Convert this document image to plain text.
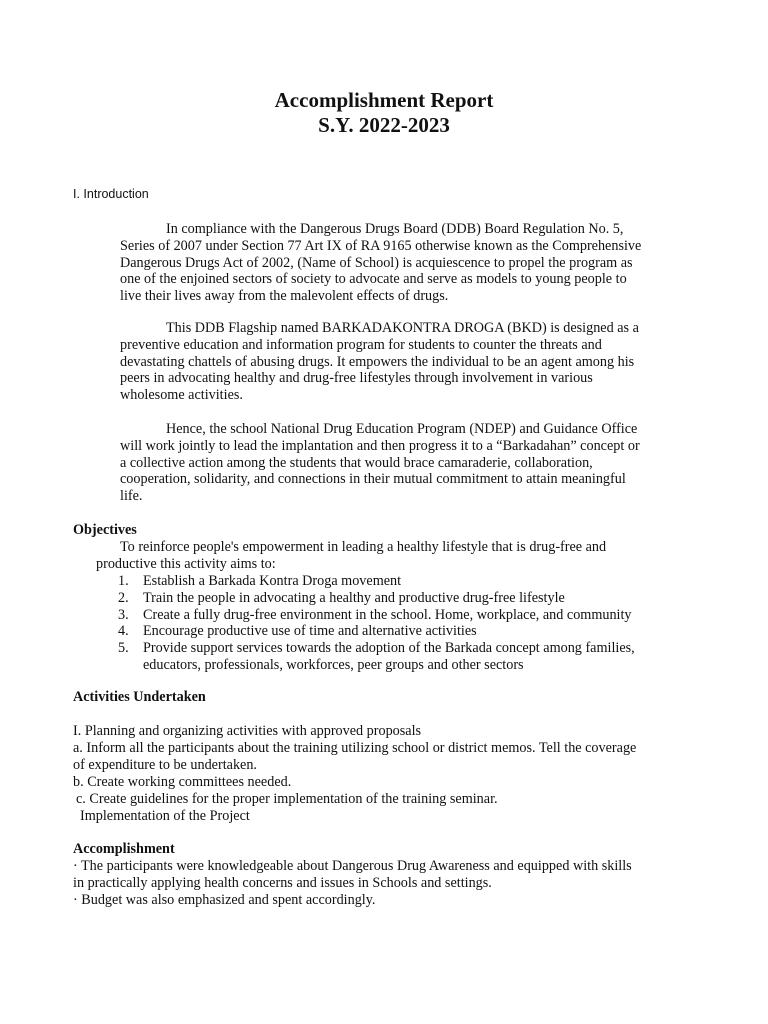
Accomplishment Report
S.Y. 2022-2023
I. Introduction
In compliance with the Dangerous Drugs Board (DDB) Board Regulation No. 5,
Series of 2007 under Section 77 Art IX of RA 9165 otherwise known as the Comprehensive
Dangerous Drugs Act of 2002, (Name of School) is acquiescence to propel the program as
one of the enjoined sectors of society to advocate and serve as models to young people to
live their lives away from the malevolent effects of drugs.
This DDB Flagship named BARKADAKONTRA DROGA (BKD) is designed as a
preventive education and information program for students to counter the threats and
devastating chattels of abusing drugs. It empowers the individual to be an agent among his
peers in advocating healthy and drug-free lifestyles through involvement in various
wholesome activities.
Hence, the school National Drug Education Program (NDEP) and Guidance Office
will work jointly to lead the implantation and then progress it to a “Barkadahan” concept or
a collective action among the students that would brace camaraderie, collaboration,
cooperation, solidarity, and connections in their mutual commitment to attain meaningful
life.
Objectives
To reinforce people's empowerment in leading a healthy lifestyle that is drug-free and
productive this activity aims to:
1. Establish a Barkada Kontra Droga movement
2. Train the people in advocating a healthy and productive drug-free lifestyle
3. Create a fully drug-free environment in the school. Home, workplace, and community
4. Encourage productive use of time and alternative activities
5. Provide support services towards the adoption of the Barkada concept among families,
educators, professionals, workforces, peer groups and other sectors
Activities Undertaken
I. Planning and organizing activities with approved proposals
a. Inform all the participants about the training utilizing school or district memos. Tell the coverage
of expenditure to be undertaken.
b. Create working committees needed.
c. Create guidelines for the proper implementation of the training seminar.
Implementation of the Project
Accomplishment
· The participants were knowledgeable about Dangerous Drug Awareness and equipped with skills
in practically applying health concerns and issues in Schools and settings.
· Budget was also emphasized and spent accordingly.
